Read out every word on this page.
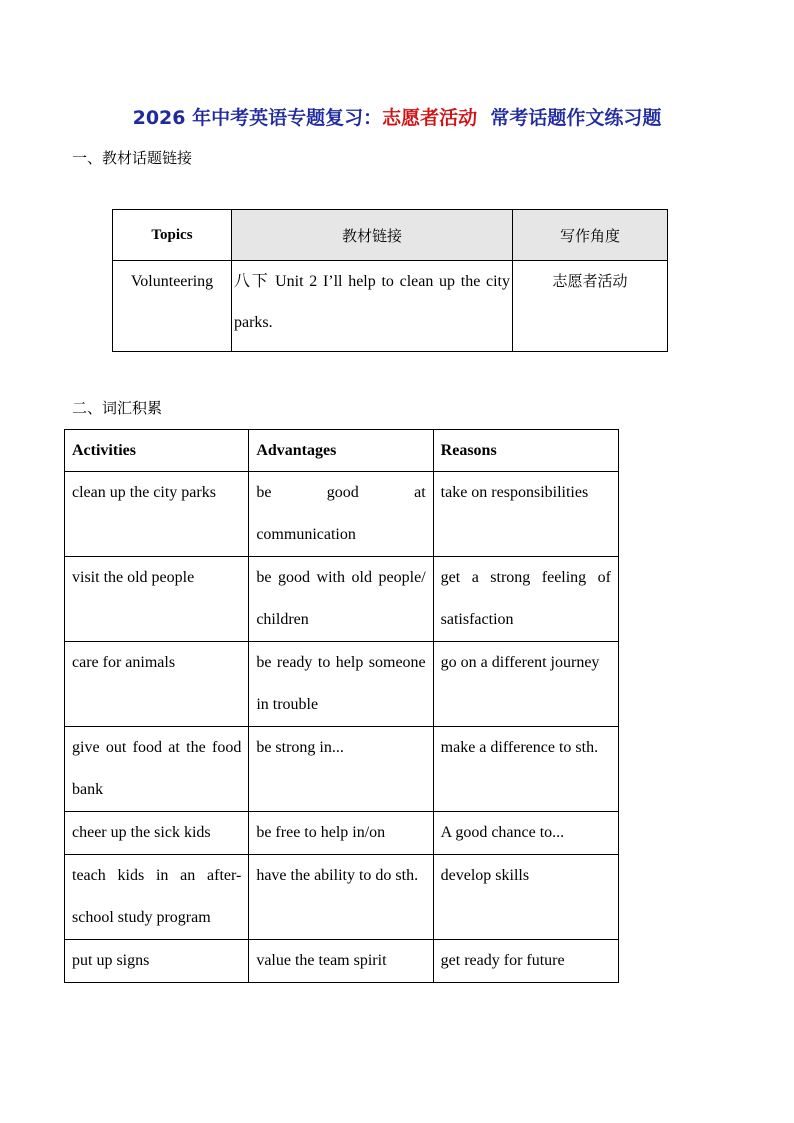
2026 年中考英语专题复习：志愿者活动 常考话题作文练习题
一、教材话题链接
Topics	教材链接	写作角度
Volunteering	八下 Unit 2 I’ll help to clean up the city parks.	志愿者活动
二、词汇积累
Activities	Advantages	Reasons
clean up the city parks	be good at communication	take on responsibilities
visit the old people	be good with old people/ children	get a strong feeling of satisfaction
care for animals	be ready to help someone in trouble	go on a different journey
give out food at the food bank	be strong in...	make a difference to sth.
cheer up the sick kids	be free to help in/on	A good chance to...
teach kids in an after-school study program	have the ability to do sth.	develop skills
put up signs	value the team spirit	get ready for future
